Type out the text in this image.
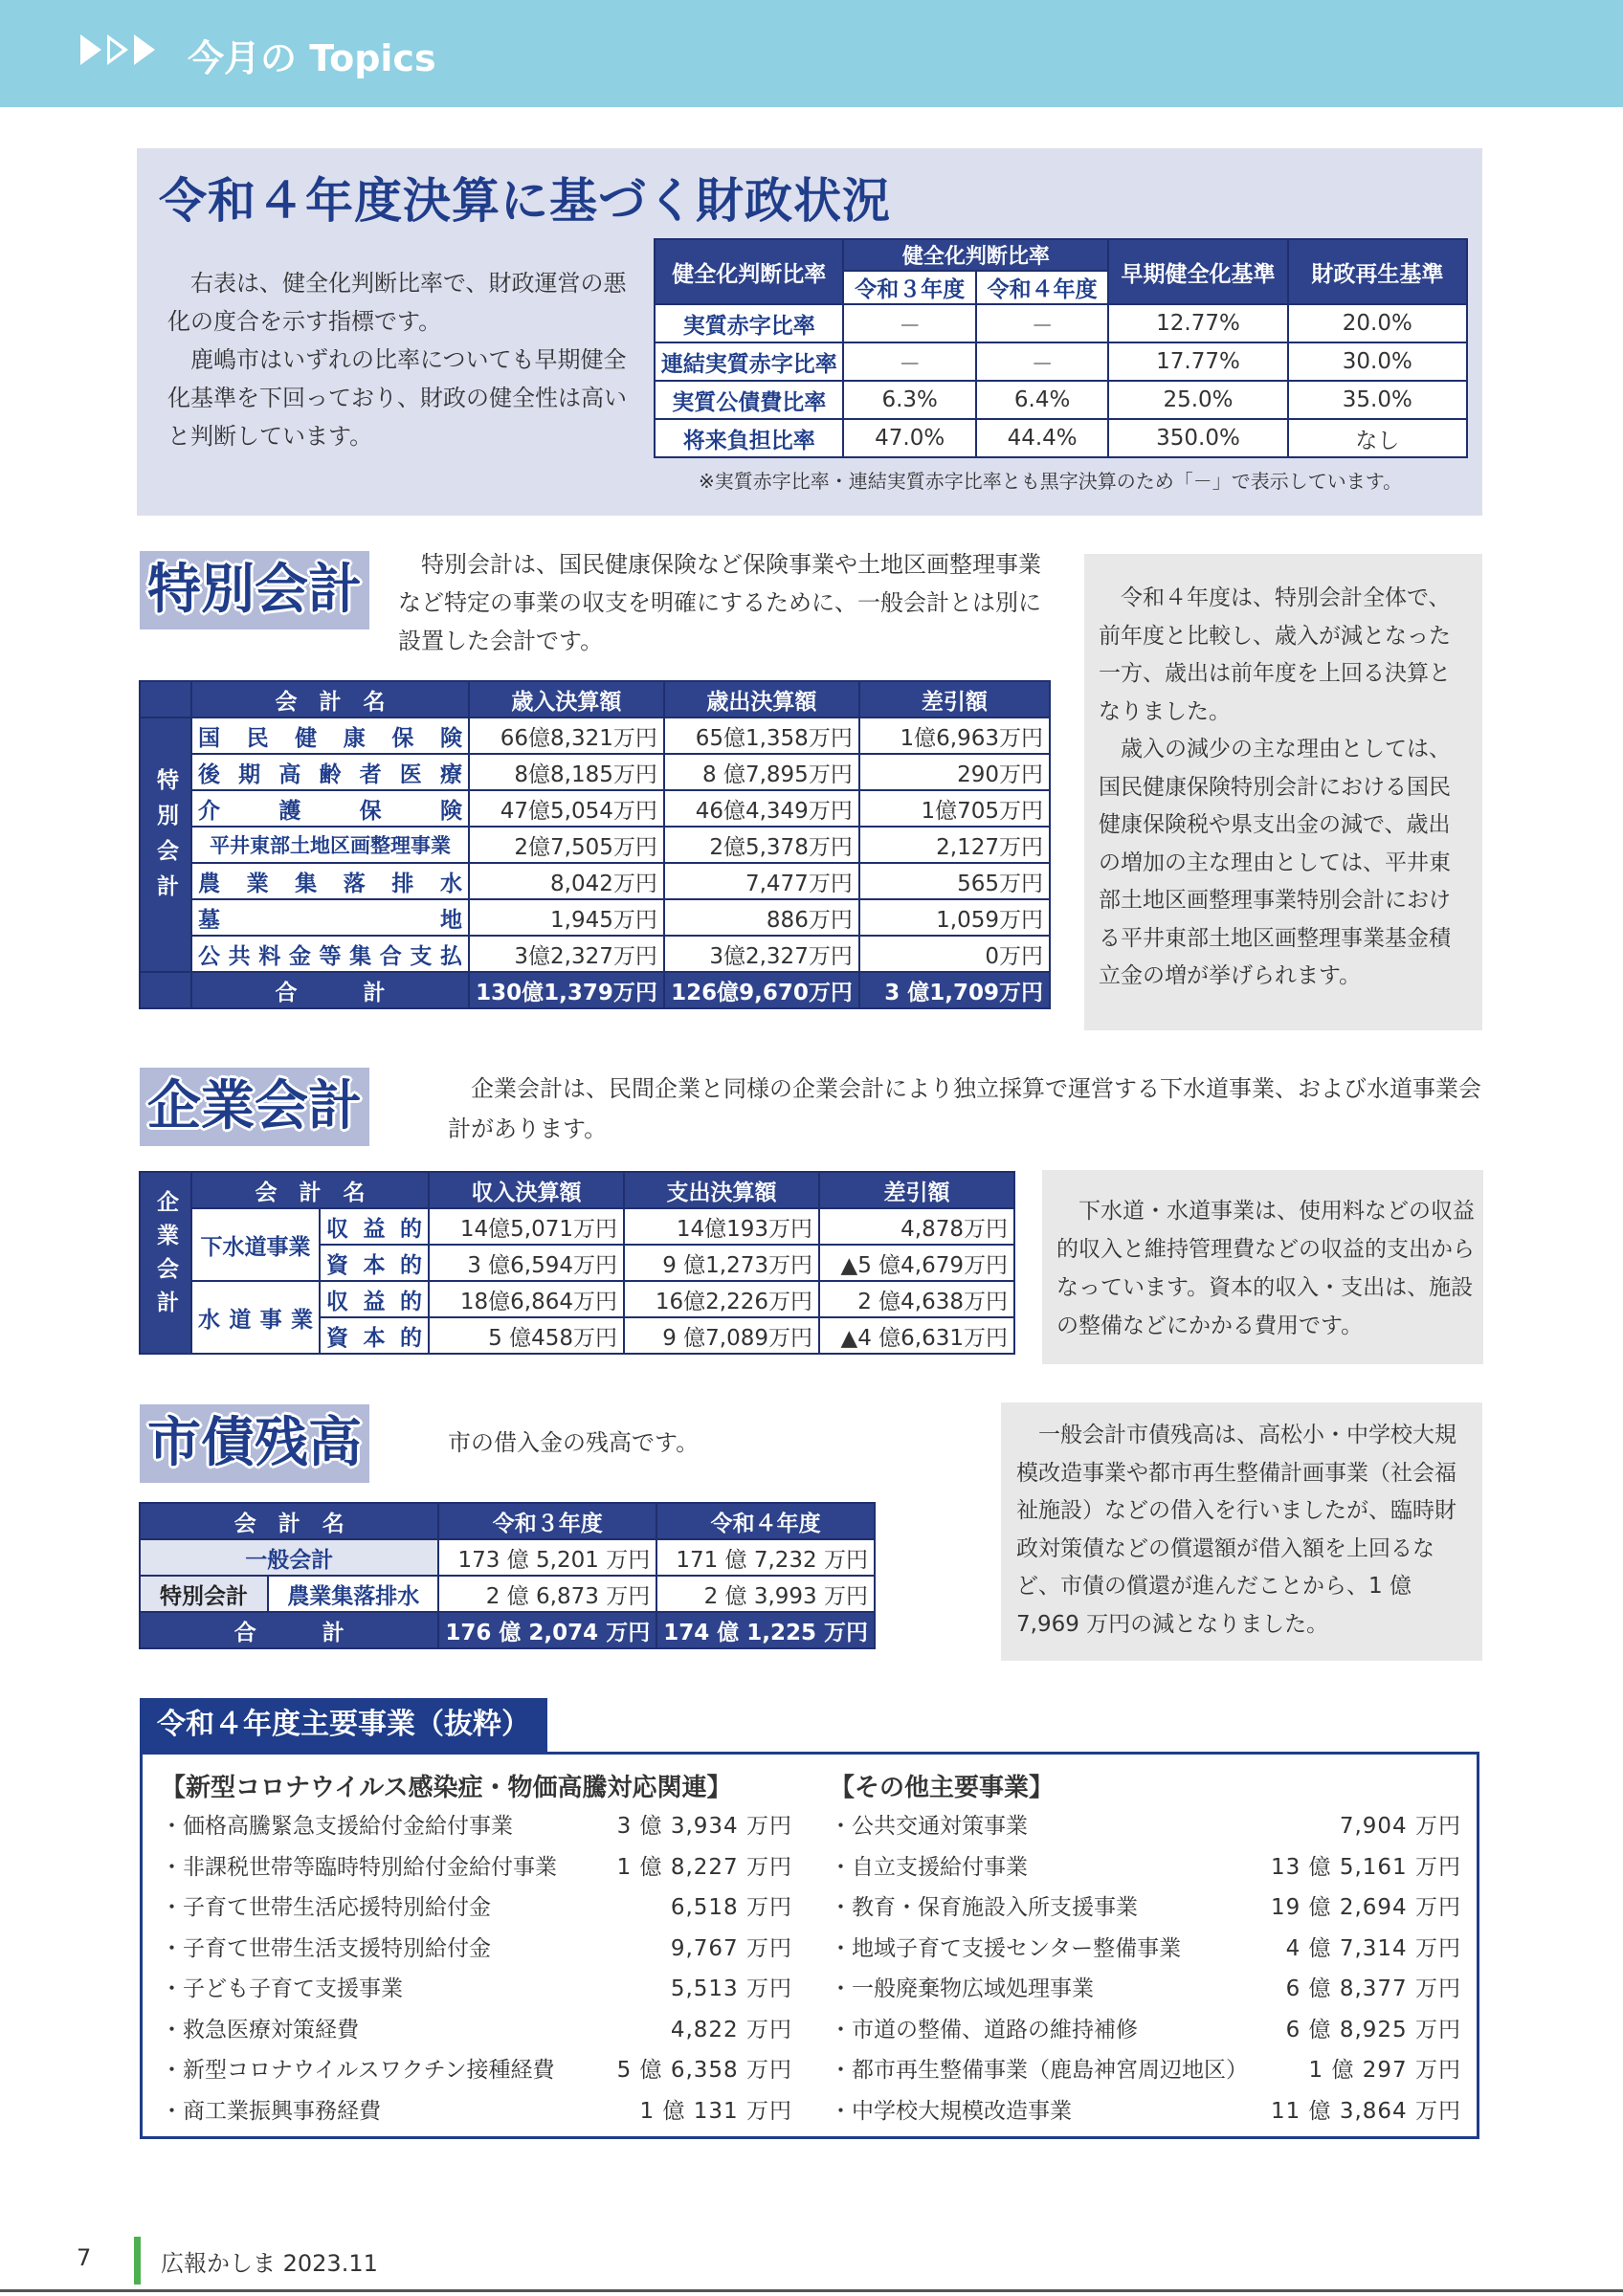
今月の Topics
令和４年度決算に基づく財政状況

右表は、健全化判断比率で、財政運営の悪化の度合を示す指標です。

鹿嶋市はいずれの比率についても早期健全化基準を下回っており、財政の健全性は高いと判断しています。

健全化判断比率	健全化判断比率		早期健全化基準	財政再生基準
	令和３年度	令和４年度		
実質赤字比率	－	－	12.77%	20.0%
連結実質赤字比率	－	－	17.77%	30.0%
実質公債費比率	6.3%	6.4%	25.0%	35.0%
将来負担比率	47.0%	44.4%	350.0%	なし
※実質赤字比率・連結実質赤字比率とも黒字決算のため「－」で表示しています。
特別会計	特別会計は、国民健康保険など保険事業や土地区画整理事業など特定の事業の収支を明確にするために、一般会計とは別に設置した会計です。

令和４年度は、特別会計全体で、前年度と比較し、歳入が減となった一方、歳出は前年度を上回る決算となりました。

歳入の減少の主な理由としては、国民健康保険特別会計における国民健康保険税や県支出金の減で、歳出の増加の主な理由としては、平井東部土地区画整理事業特別会計における平井東部土地区画整理事業基金積立金の増が挙げられます。

	会　計　名	歳入決算額	歳出決算額	差引額
特別会計	国民健康保険	66億8,321万円	65億1,358万円	1億6,963万円
	後期高齢者医療	8億8,185万円	8 億7,895万円	290万円
	介護保険	47億5,054万円	46億4,349万円	1億705万円
	平井東部土地区画整理事業	2億7,505万円	2億5,378万円	2,127万円
	農業集落排水	8,042万円	7,477万円	565万円
	墓地	1,945万円	886万円	1,059万円
	公共料金等集合支払	3億2,327万円	3億2,327万円	0万円
	合　　　計	130億1,379万円	126億9,670万円	3 億1,709万円
企業会計	企業会計は、民間企業と同様の企業会計により独立採算で運営する下水道事業、および水道事業会計があります。
企業会計	会　計　名		収入決算額	支出決算額	差引額
	下水道事業	収益的	14億5,071万円	14億193万円	4,878万円
		資本的	3 億6,594万円	9 億1,273万円	▲5 億4,679万円
	水道事業	収益的	18億6,864万円	16億2,226万円	2 億4,638万円
		資本的	5 億458万円	9 億7,089万円	▲4 億6,631万円
下水道・水道事業は、使用料などの収益的収入と維持管理費などの収益的支出からなっています。資本的収入・支出は、施設の整備などにかかる費用です。
市債残高	市の借入金の残高です。
会　計　名		令和３年度	令和４年度
一般会計		173 億 5,201 万円	171 億 7,232 万円
特別会計	農業集落排水	2 億 6,873 万円	2 億 3,993 万円
合　　　計		176 億 2,074 万円	174 億 1,225 万円
一般会計市債残高は、高松小・中学校大規模改造事業や都市再生整備計画事業（社会福祉施設）などの借入を行いましたが、臨時財政対策債などの償還額が借入額を上回るなど、市債の償還が進んだことから、1 億7,969 万円の減となりました。
令和４年度主要事業（抜粋）
【新型コロナウイルス感染症・物価高騰対応関連】
・価格高騰緊急支援給付金給付事業	3 億 3,934 万円
・非課税世帯等臨時特別給付金給付事業	1 億 8,227 万円
・子育て世帯生活応援特別給付金	6,518 万円
・子育て世帯生活支援特別給付金	9,767 万円
・子ども子育て支援事業	5,513 万円
・救急医療対策経費	4,822 万円
・新型コロナウイルスワクチン接種経費	5 億 6,358 万円
・商工業振興事務経費	1 億 131 万円
【その他主要事業】
・公共交通対策事業	7,904 万円
・自立支援給付事業	13 億 5,161 万円
・教育・保育施設入所支援事業	19 億 2,694 万円
・地域子育て支援センター整備事業	4 億 7,314 万円
・一般廃棄物広域処理事業	6 億 8,377 万円
・市道の整備、道路の維持補修	6 億 8,925 万円
・都市再生整備事業（鹿島神宮周辺地区）	1 億 297 万円
・中学校大規模改造事業	11 億 3,864 万円
7	広報かしま 2023.11
